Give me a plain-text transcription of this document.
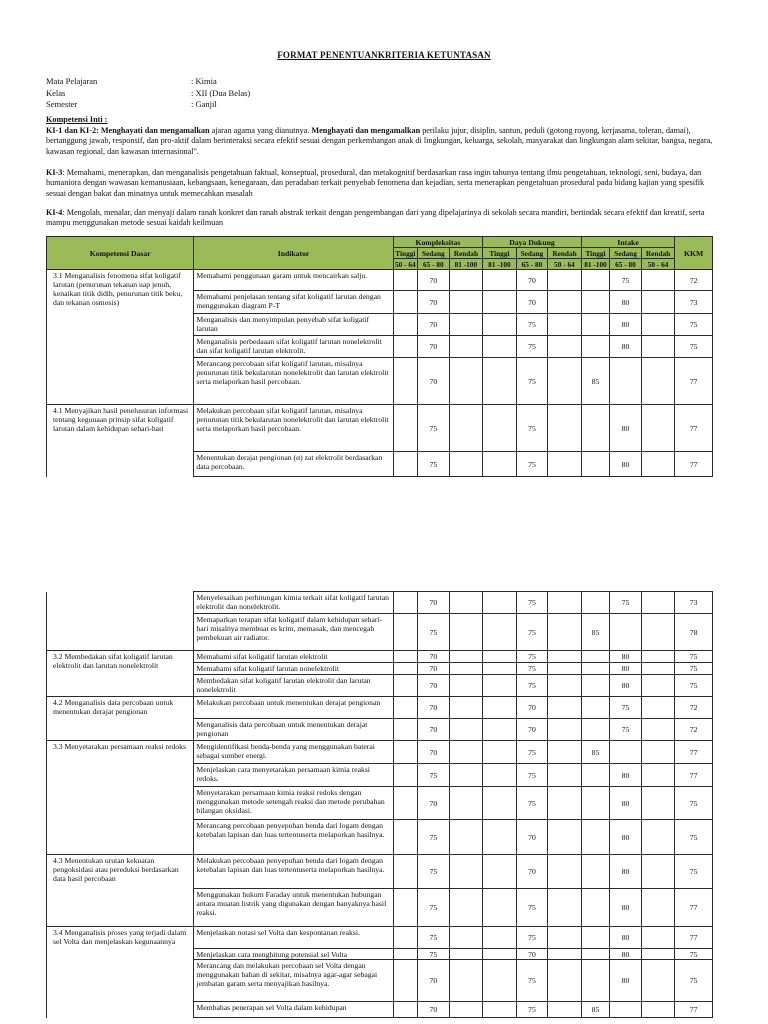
FORMAT PENENTUANKRITERIA KETUNTASAN
Mata Pelajaran	: Kimia
Kelas	: XII (Dua Belas)
Semester	: Ganjil
Kompetensi Inti :
KI-1 dan KI-2: Menghayati dan mengamalkan ajaran agama yang dianutnya. Menghayati dan mengamalkan perilaku jujur, disiplin, santun, peduli (gotong royong, kerjasama, toleran, damai), bertanggung jawab, responsif, dan pro-aktif dalam berinteraksi secara efektif sesuai dengan perkembangan anak di lingkungan, keluarga, sekolah, masyarakat dan lingkungan alam sekitar, bangsa, negara, kawasan regional, dan kawasan internasional".
KI-3: Memahami, menerapkan, dan menganalisis pengetahuan faktual, konseptual, prosedural, dan metakognitif berdasarkan rasa ingin tahunya tentang ilmu pengetahuan, teknologi, seni, budaya, dan humaniora dengan wawasan kemanusiaan, kebangsaan, kenegaraan, dan peradaban terkait penyebab fenomena dan kejadian, serta menerapkan pengetahuan prosedural pada bidang kajian yang spesifik sesuai dengan bakat dan minatnya untuk memecahkan masalah
KI-4: Mengolah, menalar, dan menyaji dalam ranah konkret dan ranah abstrak terkait dengan pengembangan dari yang dipelajarinya di sekolah secara mandiri, bertindak secara efektif dan kreatif, serta mampu menggunakan metode sesuai kaidah keilmuan
Kompetensi Dasar	Indikator	Kompleksitas			Daya Dukung			Intake			KKM
		Tinggi	Sedang	Rendah	Tinggi	Sedang	Rendah	Tinggi	Sedang	Rendah	
		50 - 64	65 - 80	81 -100	81 -100	65 - 80	50 - 64	81 -100	65 - 80	50 - 64	
3.1 Menganalisis fenomena sifat koligatif larutan (penurunan tekanan uap jenuh, kenaikan titik didih, penurunan titik beku, dan tekanan osmosis)	Memahami penggunaan garam untuk mencairkan salju.		70			70			75		72
	Memahami penjelasan tentang sifat koligatif larutan dengan menggunakan diagram P-T		70			70			80		73
	Menganalisis dan menyimpulan penyebab sifat koligatif larutan		70			75			80		75
	Menganalisis perbedaaan sifat koligatif larutan nonelektrolit dan sifat koligatif larutan elektrolit.		70			75			80		75
	Merancang percobaan sifat koligatif larutan, misalnya penurunan titik bekularutan nonelektrolit dan larutan elektrolit serta melaporkan hasil percobaan.		70			75		85			77
4.1 Menyajikan hasil penelusuran informasi tentang kegunaan prinsip sifat koligatif larutan dalam kehidupan sehari-hari	Melakukan percobaan sifat koligatif larutan, misalnya penurunan titik bekularutan nonelektrolit dan larutan elektrolit serta melaporkan hasil percobaan.		75			75			80		77
	Menentukan derajat pengionan (α) zat elektrolit berdasarkan data percobaan.		75			75			80		77
	Menyelesaikan perhitungan kimia terkait sifat koligatif larutan elektrolit dan nonelektrolit.		70			75			75		73
	Memaparkan terapan sifat koligatif dalam kehidupan sehari-hari misalnya membuat es krim, memasak, dan mencegah pembekuan air radiator.		75			75		85			78
3.2 Membedakan sifat koligatif larutan elektrolit dan larutan nonelektrolit	Memahami sifat koligatif larutan elektrolit		70			75			80		75
	Memahami sifat koligatif larutan nonelektrolit		70			75			80		75
	Membedakan sifat koligatif larutan elektrolit dan larutan nonelektrolit		70			75			80		75
4.2 Menganalisis data percobaan untuk menentukan derajat pengionan	Melakukan percobaan untuk menentukan derajat pengionan		70			70			75		72
	Menganalisis data percobaan untuk menentukan derajat pengionan		70			70			75		72
3.3 Menyetarakan persamaan reaksi redoks	Mengidentifikasi benda-benda yang menggunakan baterai sebagai sumber energi.		70			75		85			77
	Menjelaskan cara menyetarakan persamaan kimia reaksi redoks.		75			75			80		77
	Menyetarakan persamaan kimia reaksi redoks dengan menggunakan metode setengah reaksi dan metode perubahan bilangan oksidasi.		70			75			80		75
	Merancang percobaan penyepuhan benda dari logam dengan ketebalan lapisan dan luas tertentuserta melaporkan hasilnya.		75			70			80		75
4.3 Menentukan urutan kekuatan pengoksidasi atau pereduksi berdasarkan data hasil percobaan	Melakukan percobaan penyepuhan benda dari logam dengan ketebalan lapisan dan luas tertentuserta melaporkan hasilnya.		75			70			80		75
	Menggunakan hukum Faraday untuk menentukan hubungan antara muatan listrik yang digunakan dengan banyaknya hasil reaksi.		75			75			80		77
3.4 Menganalisis proses yang terjadi dalam sel Volta dan menjelaskan kegunaannya	Menjelaskan notasi sel Volta dan kespontanan reaksi.		75			75			80		77
	Menjelaskan cara menghitung potensial sel Volta		75			70			80		75
	Merancang dan melakukan percobaan sel Volta dengan menggunakan bahan di sekitar, misalnya agar-agar sebagai jembatan garam serta menyajikan hasilnya.		70			75			80		75
	Membahas penerapan sel Volta dalam kehidupan		70			75		85			77
